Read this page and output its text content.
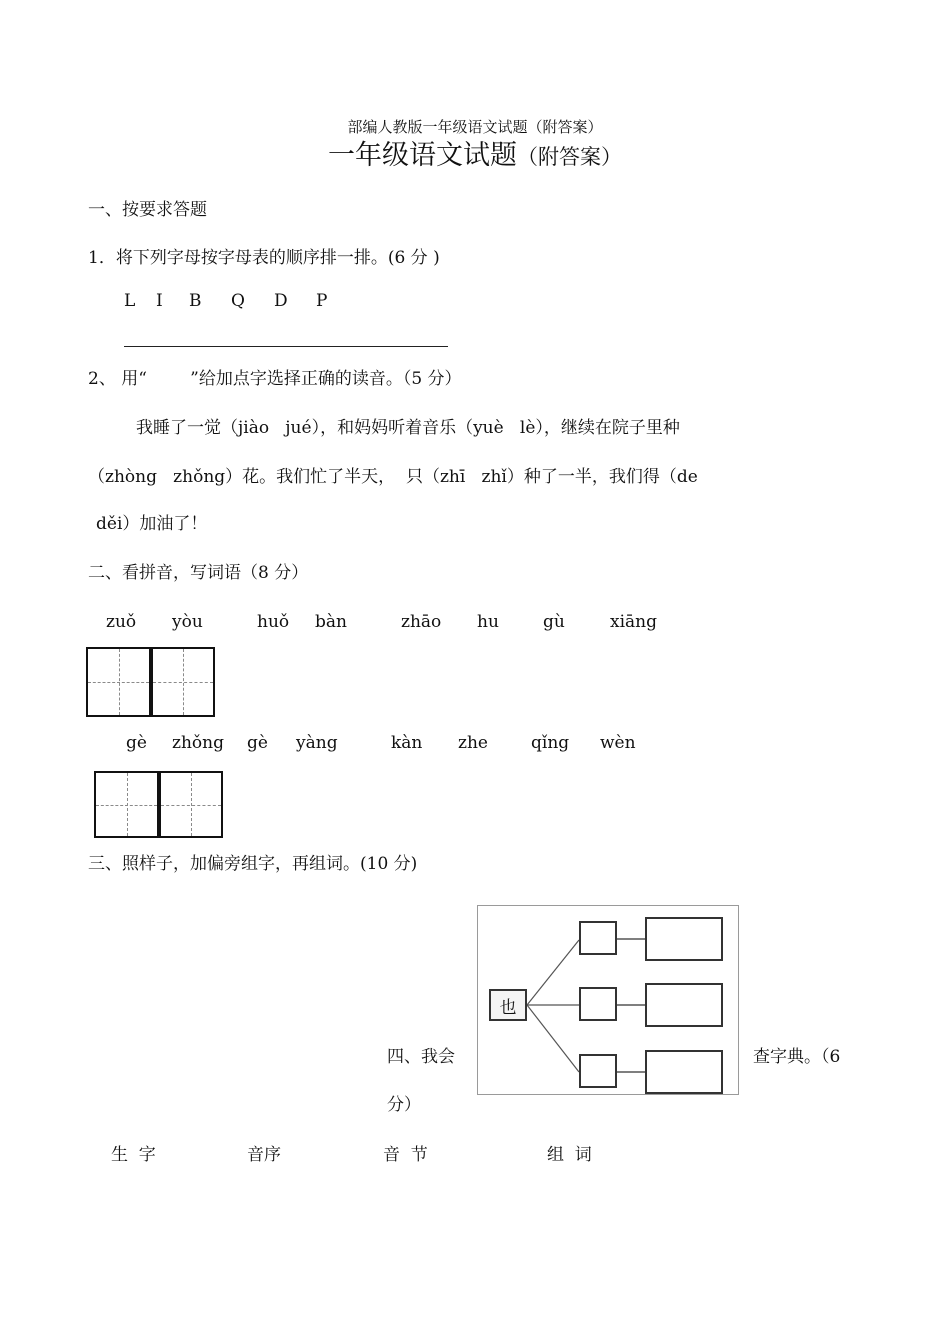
部编人教版一年级语文试题（附答案）
一年级语文试题（附答案）
一、按要求答题
1．将下列字母按字母表的顺序排一排。(6 分 )
L I B Q D P
2、 用“        ”给加点字选择正确的读音。（5 分）
我睡了一觉（jiào   jué），和妈妈听着音乐（yuè   lè），继续在院子里种
（zhòng   zhǒng）花。我们忙了半天，  只（zhī   zhǐ）种了一半，我们得（de
děi）加油了！
二、看拼音，写词语（8 分）
zuǒ yòu	huǒ bàn	zhāo hu	gù	xiāng
gè zhǒng gè yàng	kàn zhe	qǐng wèn
三、照样子，加偏旁组字，再组词。(10 分)
也
四、我会	查字典。（6
分）
生  字	音序	音  节	组  词
